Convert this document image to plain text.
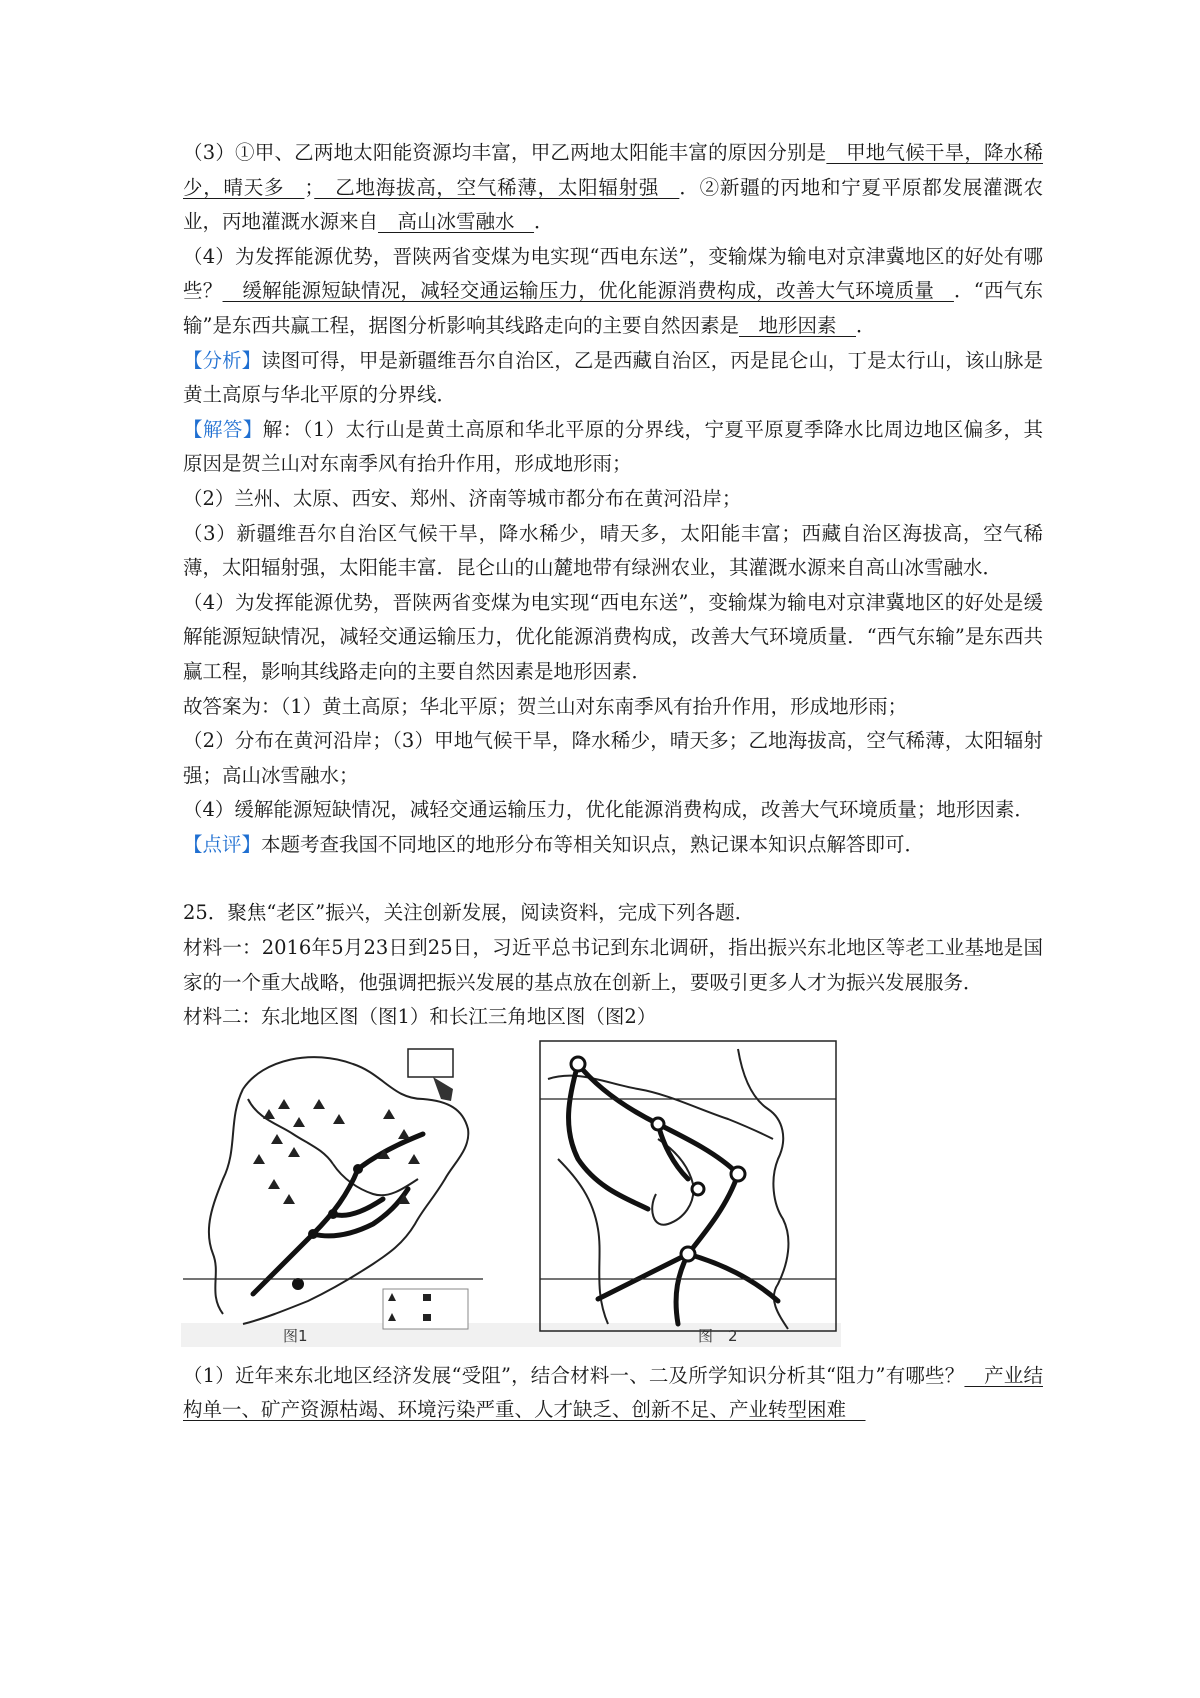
（3）①甲、乙两地太阳能资源均丰富，甲乙两地太阳能丰富的原因分别是　甲地气候干旱，降水稀少，晴天多　；　乙地海拔高，空气稀薄，太阳辐射强　．②新疆的丙地和宁夏平原都发展灌溉农业，丙地灌溉水源来自　高山冰雪融水　．

（4）为发挥能源优势，晋陕两省变煤为电实现“西电东送”，变输煤为输电对京津冀地区的好处有哪些？　缓解能源短缺情况，减轻交通运输压力，优化能源消费构成，改善大气环境质量　．“西气东输”是东西共赢工程，据图分析影响其线路走向的主要自然因素是　地形因素　．

【分析】读图可得，甲是新疆维吾尔自治区，乙是西藏自治区，丙是昆仑山，丁是太行山，该山脉是黄土高原与华北平原的分界线．

【解答】解：（1）太行山是黄土高原和华北平原的分界线，宁夏平原夏季降水比周边地区偏多，其原因是贺兰山对东南季风有抬升作用，形成地形雨；

（2）兰州、太原、西安、郑州、济南等城市都分布在黄河沿岸；

（3）新疆维吾尔自治区气候干旱，降水稀少，晴天多，太阳能丰富；西藏自治区海拔高，空气稀薄，太阳辐射强，太阳能丰富．昆仑山的山麓地带有绿洲农业，其灌溉水源来自高山冰雪融水．

（4）为发挥能源优势，晋陕两省变煤为电实现“西电东送”，变输煤为输电对京津冀地区的好处是缓解能源短缺情况，减轻交通运输压力，优化能源消费构成，改善大气环境质量．“西气东输”是东西共赢工程，影响其线路走向的主要自然因素是地形因素．

故答案为：（1）黄土高原；华北平原；贺兰山对东南季风有抬升作用，形成地形雨；

（2）分布在黄河沿岸；（3）甲地气候干旱，降水稀少，晴天多；乙地海拔高，空气稀薄，太阳辐射强；高山冰雪融水；

（4）缓解能源短缺情况，减轻交通运输压力，优化能源消费构成，改善大气环境质量；地形因素．

【点评】本题考查我国不同地区的地形分布等相关知识点，熟记课本知识点解答即可．

25．聚焦“老区”振兴，关注创新发展，阅读资料，完成下列各题．

材料一：2016年5月23日到25日，习近平总书记到东北调研，指出振兴东北地区等老工业基地是国家的一个重大战略，他强调把振兴发展的基点放在创新上，要吸引更多人才为振兴发展服务．

材料二：东北地区图（图1）和长江三角地区图（图2）

图1	图　2

（1）近年来东北地区经济发展“受阻”，结合材料一、二及所学知识分析其“阻力”有哪些？　产业结构单一、矿产资源枯竭、环境污染严重、人才缺乏、创新不足、产业转型困难　
